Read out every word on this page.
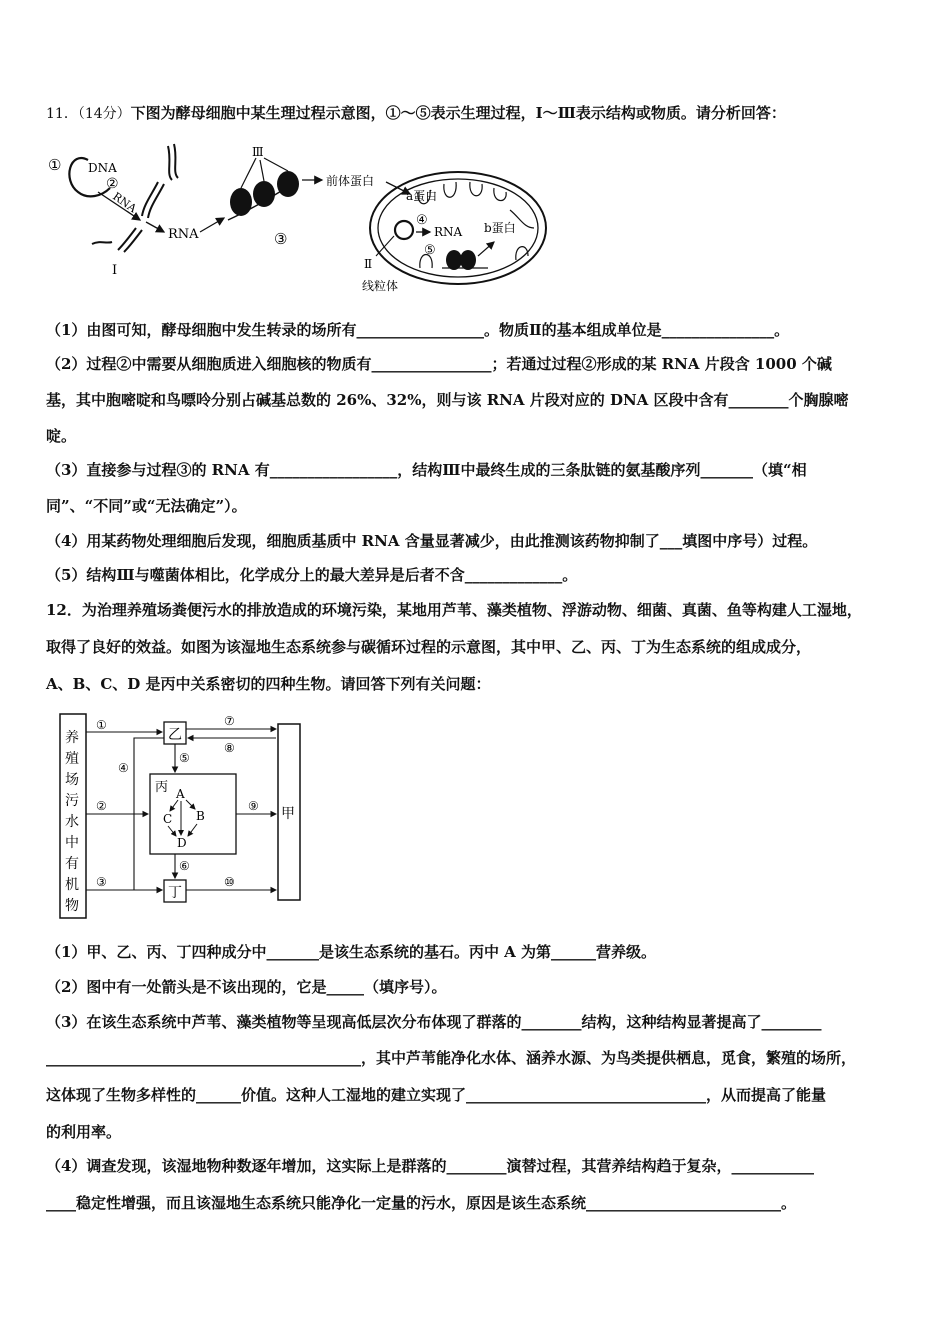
11．（14分）下图为酵母细胞中某生理过程示意图，①～⑤表示生理过程，Ⅰ～Ⅲ表示结构或物质。请分析回答：
① DNA
②
RNA
Ⅰ
RNA
Ⅲ
③
前体蛋白
a蛋白
④
RNA
⑤
b蛋白
Ⅱ
线粒体
（1）由图可知，酵母细胞中发生转录的场所有_________________。物质Ⅱ的基本组成单位是_______________。
（2）过程②中需要从细胞质进入细胞核的物质有________________；若通过过程②形成的某 RNA 片段含 1000 个碱
基，其中胞嘧啶和鸟嘌呤分别占碱基总数的 26%、32%，则与该 RNA 片段对应的 DNA 区段中含有________个胸腺嘧
啶。
（3）直接参与过程③的 RNA 有_________________，结构Ⅲ中最终生成的三条肽链的氨基酸序列_______（填“相
同”、“不同”或“无法确定”）。
（4）用某药物处理细胞后发现，细胞质基质中 RNA 含量显著减少，由此推测该药物抑制了___填图中序号）过程。
（5）结构Ⅲ与噬菌体相比，化学成分上的最大差异是后者不含_____________。
12．为治理养殖场粪便污水的排放造成的环境污染，某地用芦苇、藻类植物、浮游动物、细菌、真菌、鱼等构建人工湿地，
取得了良好的效益。如图为该湿地生态系统参与碳循环过程的示意图，其中甲、乙、丙、丁为生态系统的组成成分，
A、B、C、D 是丙中关系密切的四种生物。请回答下列有关问题：
养
殖
场
污
水
中
有
机
物
乙
丙 A
C B
D
丁
甲
①
②
③
④
⑤
⑥
⑦
⑧
⑨
⑩
（1）甲、乙、丙、丁四种成分中_______是该生态系统的基石。丙中 A 为第______营养级。
（2）图中有一处箭头是不该出现的，它是_____（填序号）。
（3）在该生态系统中芦苇、藻类植物等呈现高低层次分布体现了群落的________结构，这种结构显著提高了________
__________________________________________，其中芦苇能净化水体、涵养水源、为鸟类提供栖息，觅食，繁殖的场所，
这体现了生物多样性的______价值。这种人工湿地的建立实现了________________________________，从而提高了能量
的利用率。
（4）调查发现，该湿地物种数逐年增加，这实际上是群落的________演替过程，其营养结构趋于复杂，___________
____稳定性增强，而且该湿地生态系统只能净化一定量的污水，原因是该生态系统__________________________。
